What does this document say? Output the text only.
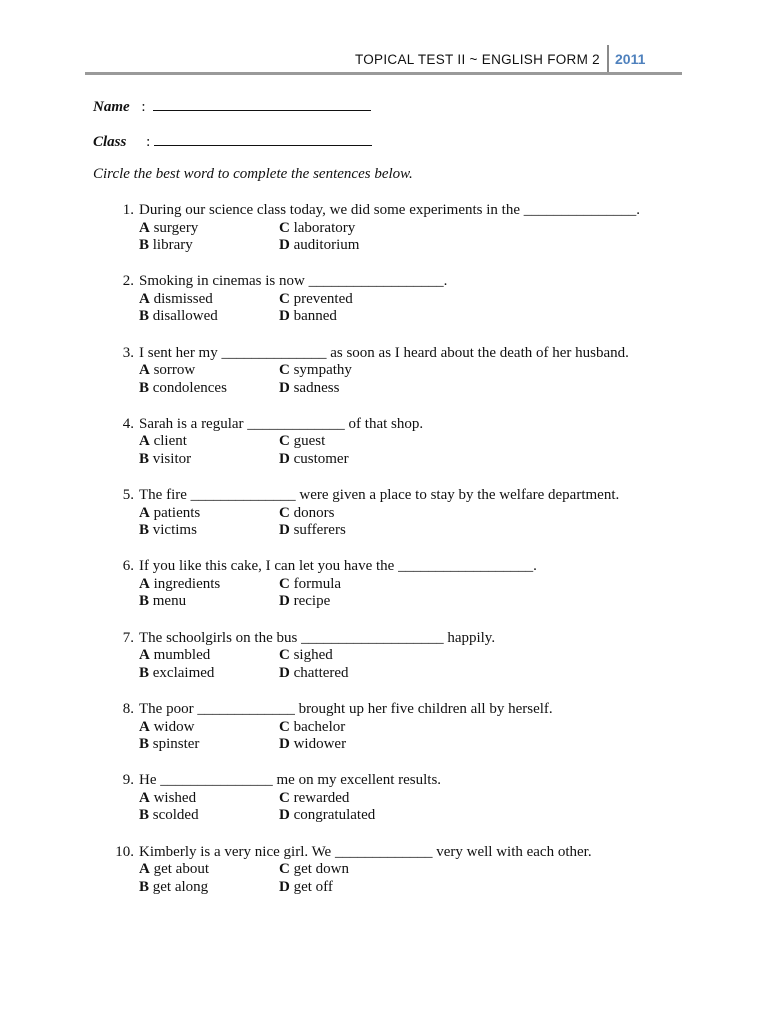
TOPICAL TEST II ~ ENGLISH FORM 2 2011
Name :
Class :
Circle the best word to complete the sentences below.
1. During our science class today, we did some experiments in the _______________.
A surgery
B library
C laboratory
D auditorium
2. Smoking in cinemas is now __________________.
A dismissed
B disallowed
C prevented
D banned
3. I sent her my ______________ as soon as I heard about the death of her husband.
A sorrow
B condolences
C sympathy
D sadness
4. Sarah is a regular _____________ of that shop.
A client
B visitor
C guest
D customer
5. The fire ______________ were given a place to stay by the welfare department.
A patients
B victims
C donors
D sufferers
6. If you like this cake, I can let you have the __________________.
A ingredients
B menu
C formula
D recipe
7. The schoolgirls on the bus ___________________ happily.
A mumbled
B exclaimed
C sighed
D chattered
8. The poor _____________ brought up her five children all by herself.
A widow
B spinster
C bachelor
D widower
9. He _______________ me on my excellent results.
A wished
B scolded
C rewarded
D congratulated
10. Kimberly is a very nice girl. We _____________ very well with each other.
A get about
B get along
C get down
D get off
